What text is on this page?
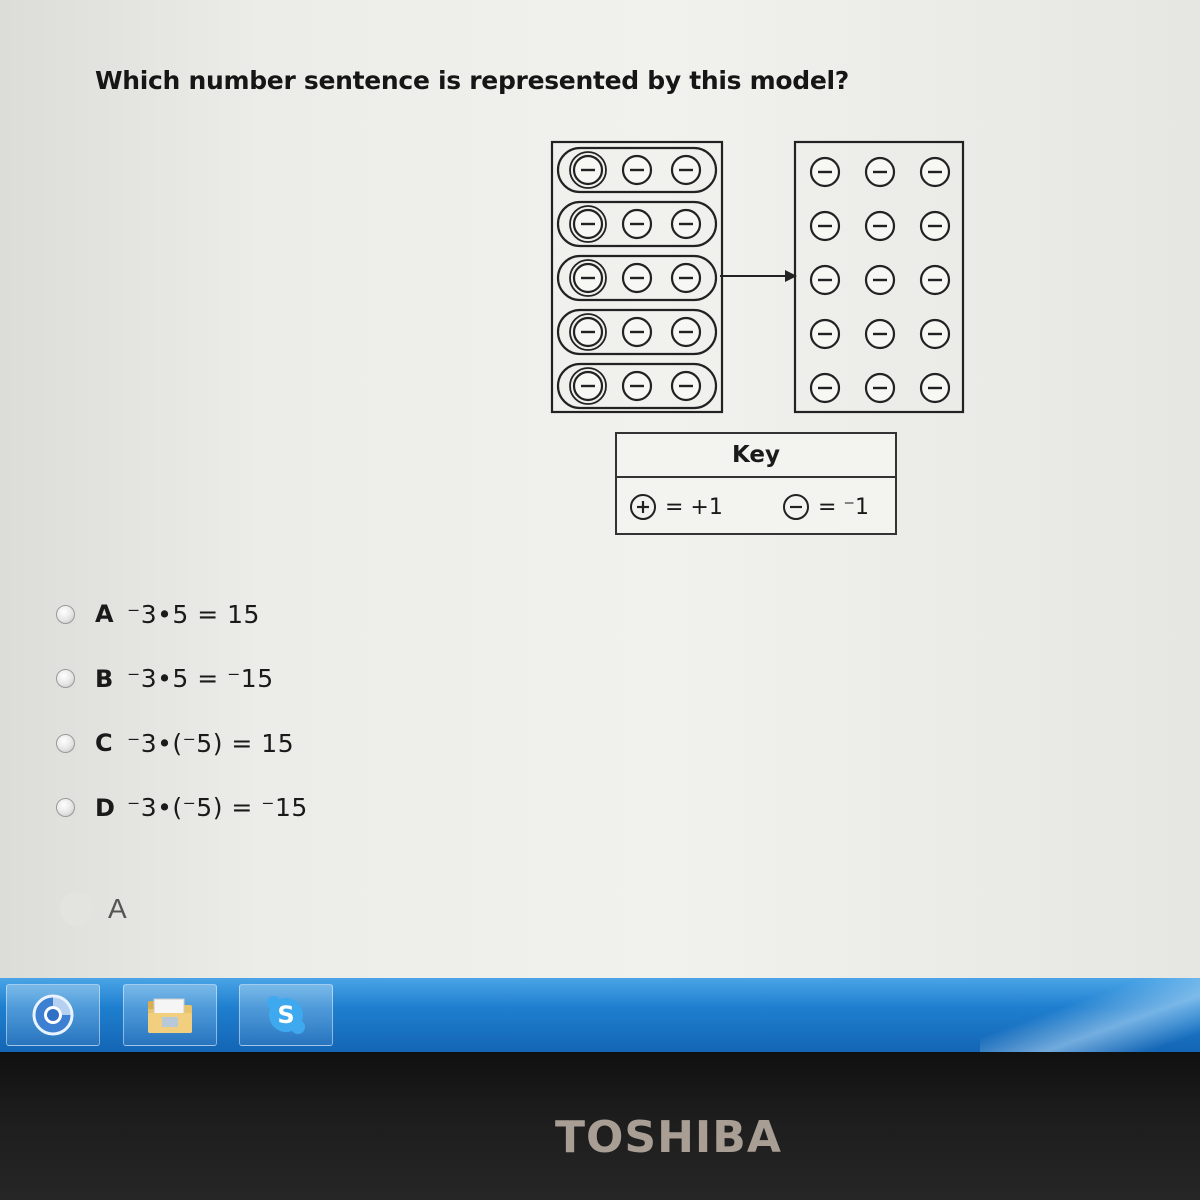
Which number sentence is represented by this model?
Key
= +1	= ⁻1
A ⁻3•5 = 15
B ⁻3•5 = ⁻15
C ⁻3•(⁻5) = 15
D ⁻3•(⁻5) = ⁻15
A
S
TOSHIBA
